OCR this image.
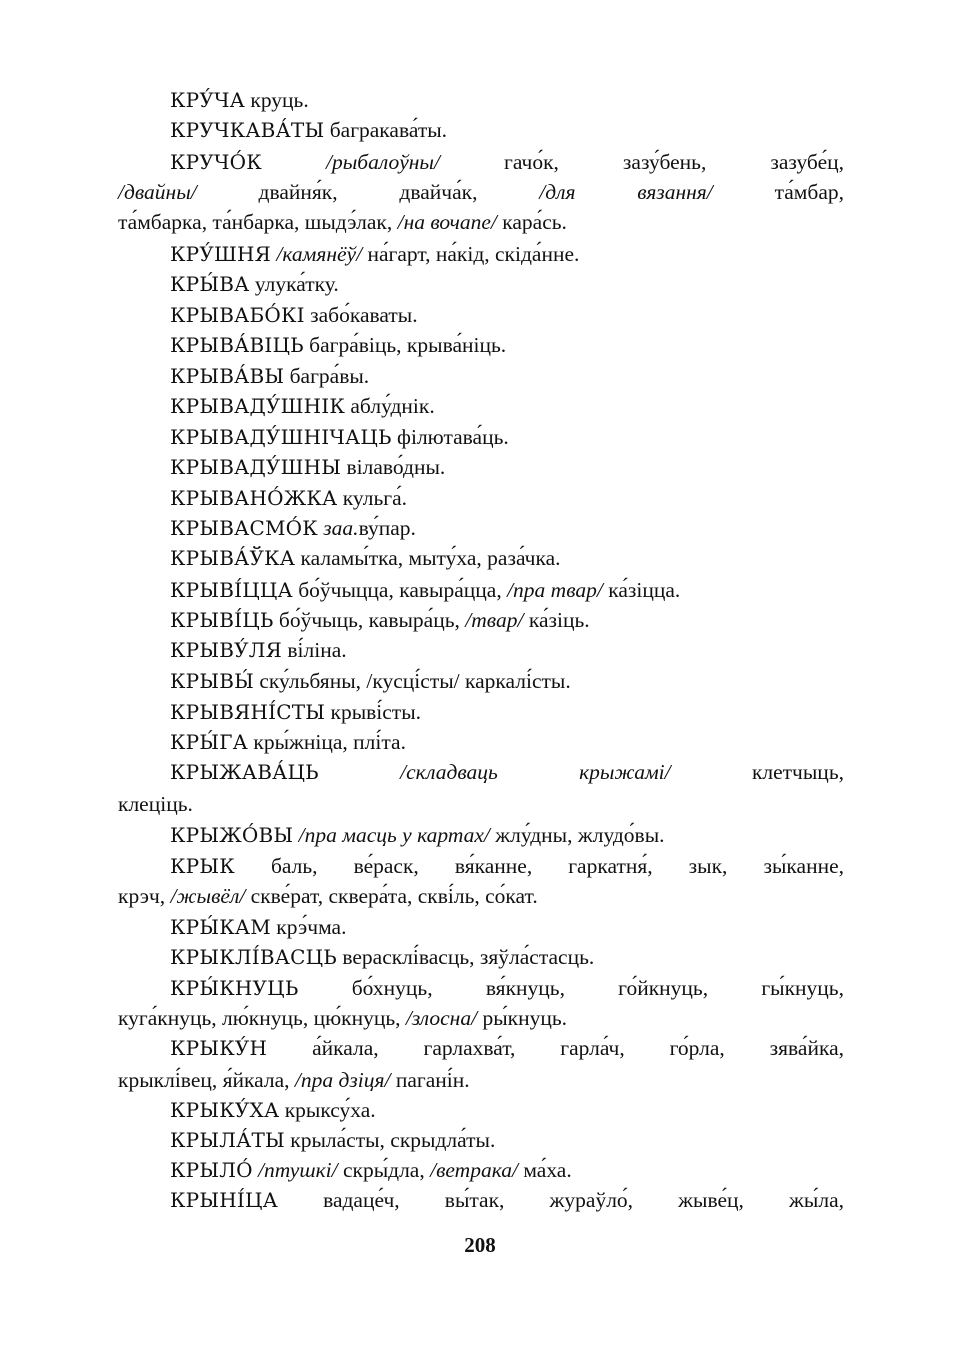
КРУ́ЧА круць.
КРУЧКАВА́ТЫ багракава́ты.
КРУЧО́К	/рыбалоўны/ гачо́к, зазу́бень, зазубе́ц,
/двайны/ двайня́к, двайча́к, /для вязання/ та́мбар,
та́мбарка, та́нбарка, шыдэ́лак, /на вочапе/ кара́сь.
КРУ́ШНЯ /камянёў/ на́гарт, на́кід, скіда́нне.
КРЫ́ВА улука́тку.
КРЫВАБО́КІ забо́каваты.
КРЫВА́ВІЦЬ багра́віць, крыва́ніць.
КРЫВА́ВЫ багра́вы.
КРЫВАДУ́ШНІК аблу́днік.
КРЫВАДУ́ШНІЧАЦЬ філютава́ць.
КРЫВАДУ́ШНЫ вілаво́дны.
КРЫВАНО́ЖКА кульга́.
КРЫВАСМО́К заа.ву́пар.
КРЫВА́ЎКА каламы́тка, мыту́ха, раза́чка.
КРЫВІ́ЦЦА бо́ўчыцца, кавыра́цца, /пра твар/ ка́зіцца.
КРЫВІ́ЦЬ бо́ўчыць, кавыра́ць, /твар/ ка́зіць.
КРЫВУ́ЛЯ ві́ліна.
КРЫВЫ́ ску́льбяны, /кусці́сты/ каркалі́сты.
КРЫВЯНІ́СТЫ крыві́сты.
КРЫ́ГА кры́жніца, плі́та.
КРЫЖАВА́ЦЬ	/складваць крыжамі/ клетчыць,
клеціць.
КРЫЖО́ВЫ /пра масць у картах/ жлу́дны, жлудо́вы.
КРЫК баль, ве́раск, вя́канне, гаркатня́, зык, зы́канне,
крэч, /жывёл/ скве́рат, сквера́та, скві́ль, со́кат.
КРЫ́КАМ крэ́чма.
КРЫКЛІ́ВАСЦЬ верасклі́васць, зяўла́стасць.
КРЫ́КНУЦЬ бо́хнуць, вя́кнуць, го́йкнуць, гы́кнуць,
куга́кнуць, лю́кнуць, цю́кнуць, /злосна/ ры́кнуць.
КРЫКУ́Н а́йкала, гарлахва́т, гарла́ч, го́рла, зява́йка,
крыклі́вец, я́йкала, /пра дзіця/ пагані́н.
КРЫКУ́ХА крыксу́ха.
КРЫЛА́ТЫ крыла́сты, скрыдла́ты.
КРЫЛО́ /птушкі/ скры́дла, /ветрака/ ма́ха.
КРЫНІ́ЦА вадаце́ч, вы́так, жураўло́, жыве́ц, жы́ла,
208
